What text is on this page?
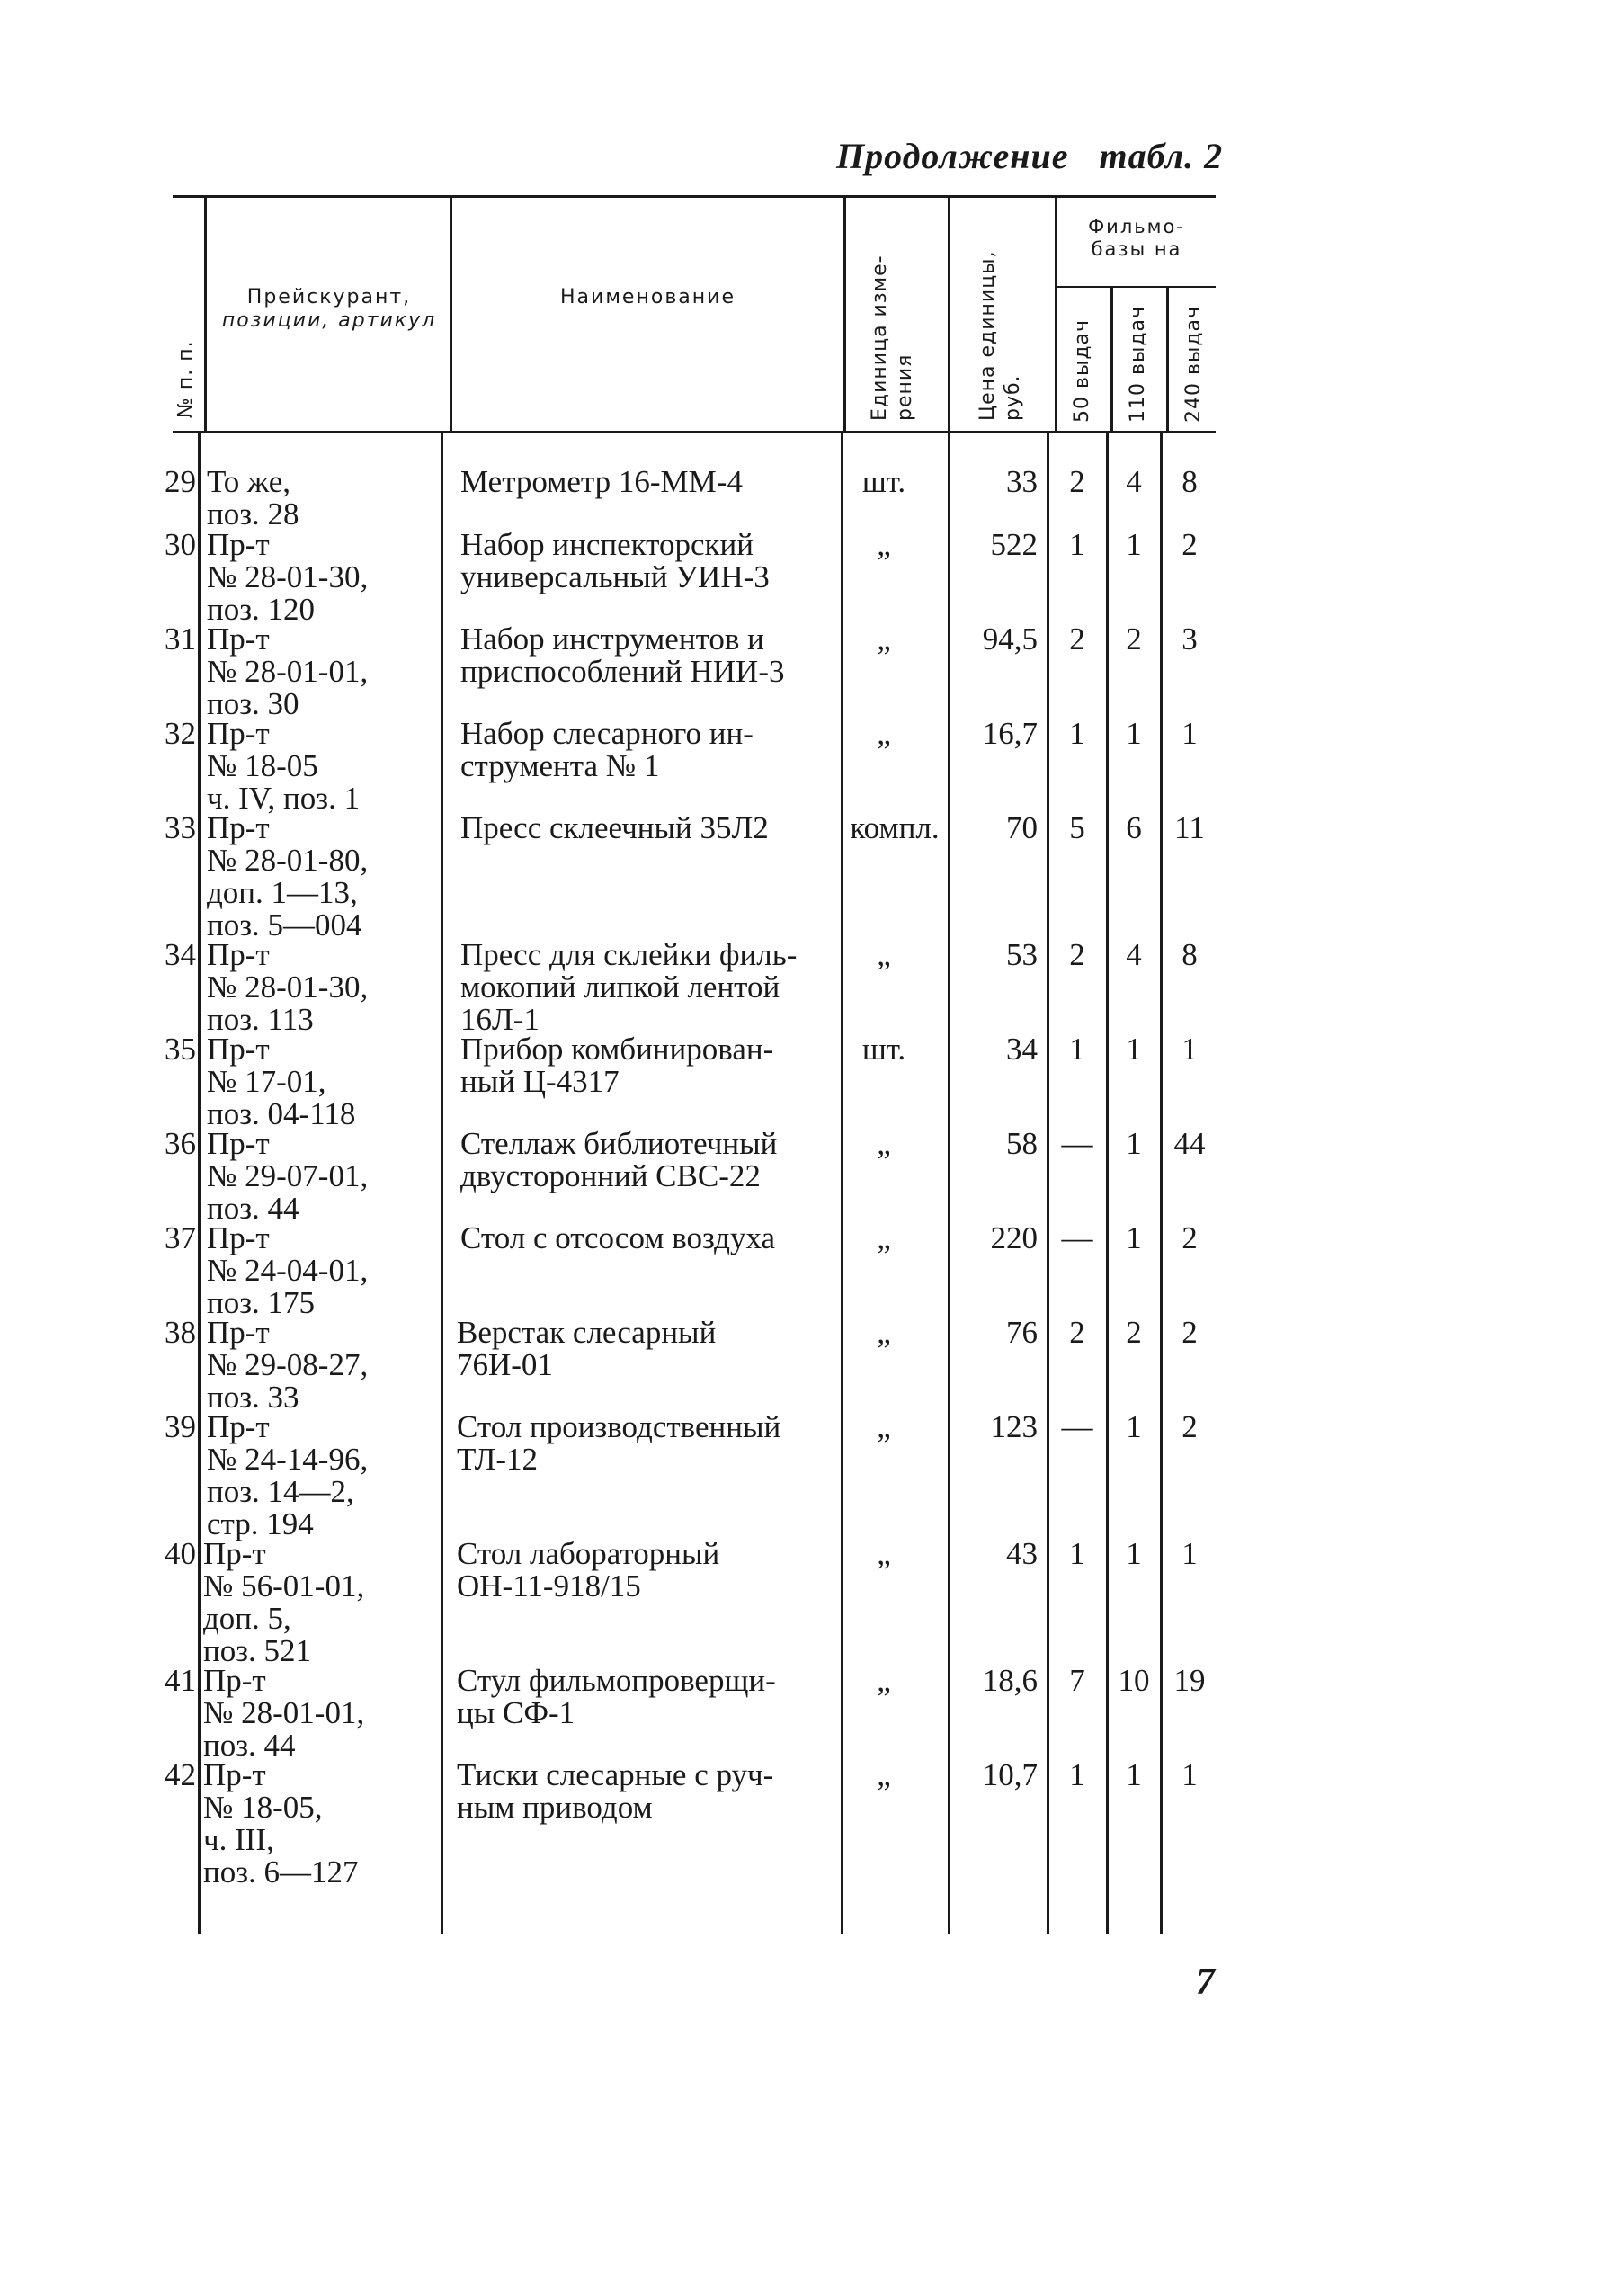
Продолжение табл. 2
№ п. п.
Прейскурант,
позиции, артикул
Наименование	Единица изме- рения	Цена единицы, руб.
Фильмо-
базы на
50 выдач 110 выдач 240 выдач
29 То же,
поз. 28
Метрометр 16-ММ-4	шт.	33	2	4	8
30 Пр-т
№ 28-01-30,
поз. 120
Набор инспекторский
универсальный УИН-3
„	522	1	1	2
31 Пр-т
№ 28-01-01,
поз. 30
Набор инструментов и
приспособлений НИИ-3
„	94,5	2	2	3
32 Пр-т
№ 18-05
ч. IV, поз. 1
Набор слесарного ин-
струмента № 1
„	16,7	1	1	1
33 Пр-т
№ 28-01-80,
доп. 1—13,
поз. 5—004
Пресс склеечный 35Л2	компл.	70	5	6	11
34 Пр-т
№ 28-01-30,
поз. 113
Пресс для склейки филь-
мокопий липкой лентой
16Л-1
„	53	2	4	8
35 Пр-т
№ 17-01,
поз. 04-118
Прибор комбинирован-
ный Ц-4317
шт.	34	1	1	1
36 Пр-т
№ 29-07-01,
поз. 44
Стеллаж библиотечный
двусторонний СВС-22
„	58 —	1	44
37 Пр-т
№ 24-04-01,
поз. 175
Стол с отсосом воздуха	„	220 —	1	2
38 Пр-т
№ 29-08-27,
поз. 33
Верстак слесарный
76И-01
„	76	2	2	2
39 Пр-т
№ 24-14-96,
поз. 14—2,
стр. 194
Стол производственный
ТЛ-12
„	123 —	1	2
40 Пр-т
№ 56-01-01,
доп. 5,
поз. 521
Стол лабораторный
ОН-11-918/15
„	43	1	1	1
41 Пр-т
№ 28-01-01,
поз. 44
Стул фильмопроверщи-
цы СФ-1
„	18,6	7	10 19
42 Пр-т
№ 18-05,
ч. III,
поз. 6—127
Тиски слесарные с руч-
ным приводом
„	10,7	1	1	1
7
